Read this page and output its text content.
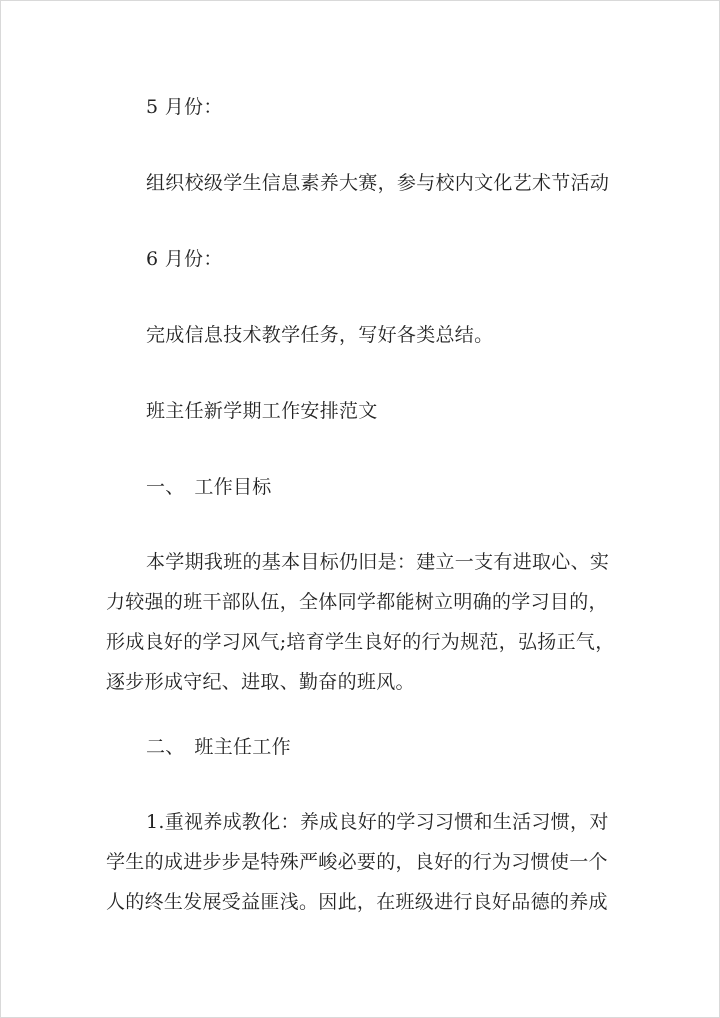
5 月份：
组织校级学生信息素养大赛，参与校内文化艺术节活动
6 月份：
完成信息技术教学任务，写好各类总结。
班主任新学期工作安排范文
一、　工作目标
本学期我班的基本目标仍旧是：建立一支有进取心、实
力较强的班干部队伍，全体同学都能树立明确的学习目的，
形成良好的学习风气;培育学生良好的行为规范，弘扬正气，
逐步形成守纪、进取、勤奋的班风。
二、　班主任工作
1.重视养成教化：养成良好的学习习惯和生活习惯，对
学生的成进步步是特殊严峻必要的，良好的行为习惯使一个
人的终生发展受益匪浅。因此，在班级进行良好品德的养成
